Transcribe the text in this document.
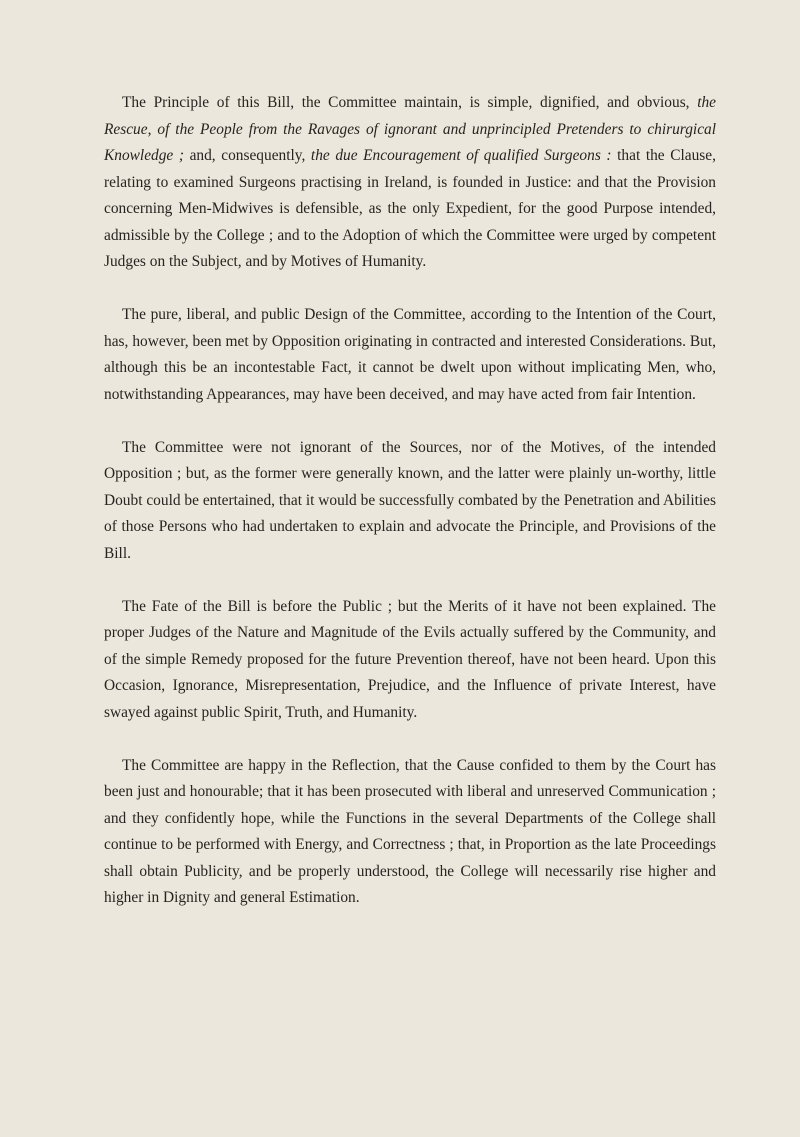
The Principle of this Bill, the Committee maintain, is simple, dignified, and obvious, the Rescue, of the People from the Ravages of ignorant and unprincipled Pretenders to chirurgical Knowledge ; and, consequently, the due Encouragement of qualified Surgeons : that the Clause, relating to examined Surgeons practising in Ireland, is founded in Justice: and that the Provision concerning Men-Midwives is defensible, as the only Expedient, for the good Purpose intended, admissible by the College ; and to the Adoption of which the Committee were urged by competent Judges on the Subject, and by Motives of Humanity.

The pure, liberal, and public Design of the Committee, according to the Intention of the Court, has, however, been met by Opposition originating in contracted and interested Considerations. But, although this be an incontestable Fact, it cannot be dwelt upon without implicating Men, who, notwithstanding Appearances, may have been deceived, and may have acted from fair Intention.

The Committee were not ignorant of the Sources, nor of the Motives, of the intended Opposition ; but, as the former were generally known, and the latter were plainly un-worthy, little Doubt could be entertained, that it would be successfully combated by the Penetration and Abilities of those Persons who had undertaken to explain and advocate the Principle, and Provisions of the Bill.

The Fate of the Bill is before the Public ; but the Merits of it have not been explained. The proper Judges of the Nature and Magnitude of the Evils actually suffered by the Community, and of the simple Remedy proposed for the future Prevention thereof, have not been heard. Upon this Occasion, Ignorance, Misrepresentation, Prejudice, and the Influence of private Interest, have swayed against public Spirit, Truth, and Humanity.

The Committee are happy in the Reflection, that the Cause confided to them by the Court has been just and honourable; that it has been prosecuted with liberal and unreserved Communication ; and they confidently hope, while the Functions in the several Departments of the College shall continue to be performed with Energy, and Correctness ; that, in Proportion as the late Proceedings shall obtain Publicity, and be properly understood, the College will necessarily rise higher and higher in Dignity and general Estimation.
